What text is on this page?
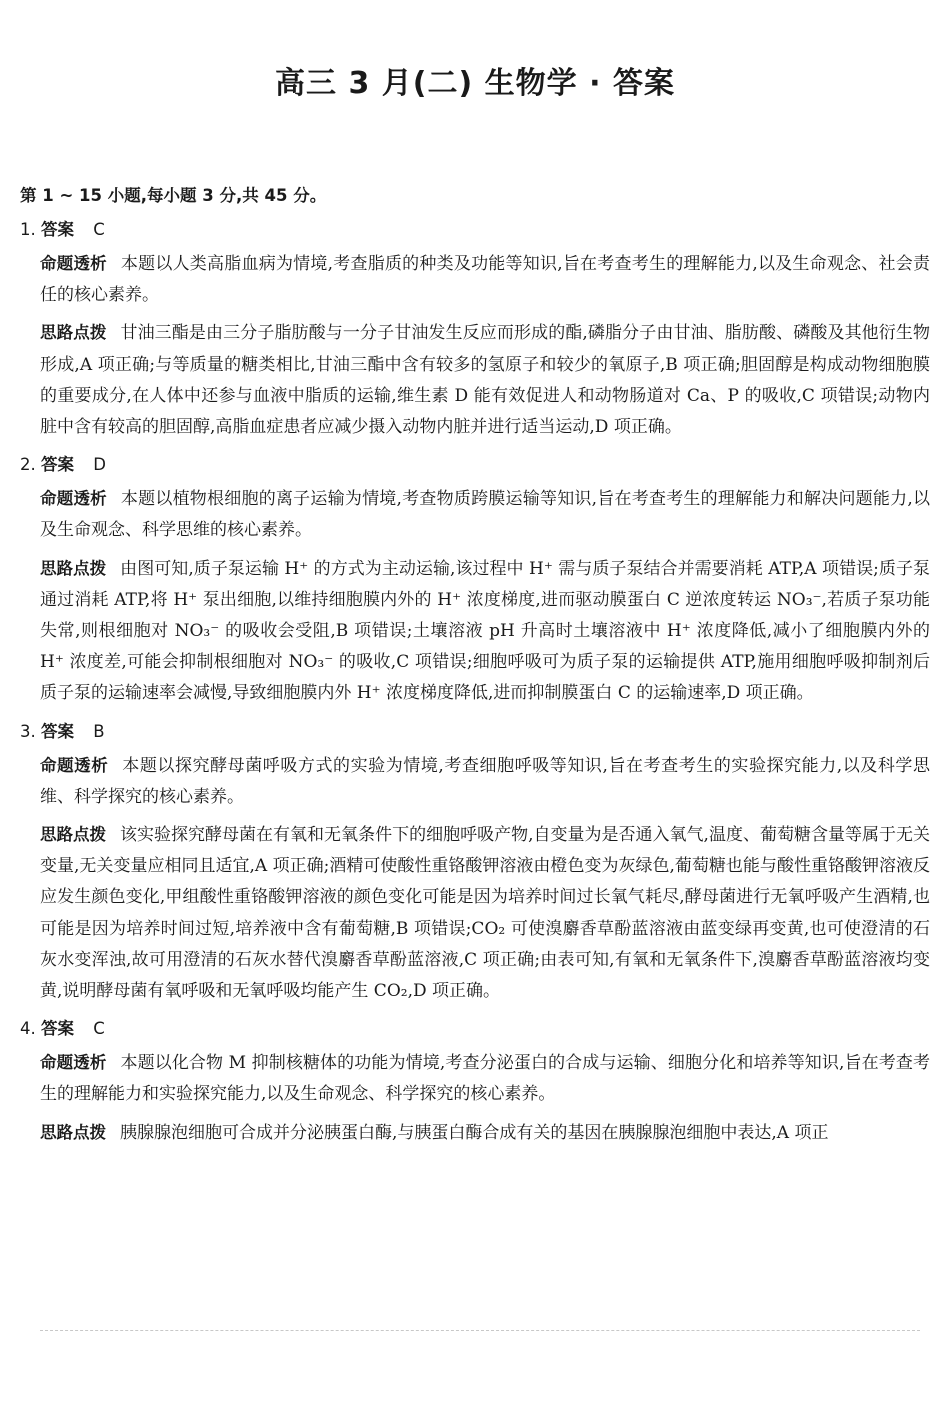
高三 3 月(二) 生物学 · 答案
第 1 ~ 15 小题,每小题 3 分,共 45 分。
1. 答案 C
命题透析 本题以人类高脂血病为情境,考查脂质的种类及功能等知识,旨在考查考生的理解能力,以及生命观念、社会责任的核心素养。
思路点拨 甘油三酯是由三分子脂肪酸与一分子甘油发生反应而形成的酯,磷脂分子由甘油、脂肪酸、磷酸及其他衍生物形成,A 项正确;与等质量的糖类相比,甘油三酯中含有较多的氢原子和较少的氧原子,B 项正确;胆固醇是构成动物细胞膜的重要成分,在人体中还参与血液中脂质的运输,维生素 D 能有效促进人和动物肠道对 Ca、P 的吸收,C 项错误;动物内脏中含有较高的胆固醇,高脂血症患者应减少摄入动物内脏并进行适当运动,D 项正确。
2. 答案 D
命题透析 本题以植物根细胞的离子运输为情境,考查物质跨膜运输等知识,旨在考查考生的理解能力和解决问题能力,以及生命观念、科学思维的核心素养。
思路点拨 由图可知,质子泵运输 H⁺ 的方式为主动运输,该过程中 H⁺ 需与质子泵结合并需要消耗 ATP,A 项错误;质子泵通过消耗 ATP,将 H⁺ 泵出细胞,以维持细胞膜内外的 H⁺ 浓度梯度,进而驱动膜蛋白 C 逆浓度转运 NO₃⁻,若质子泵功能失常,则根细胞对 NO₃⁻ 的吸收会受阻,B 项错误;土壤溶液 pH 升高时土壤溶液中 H⁺ 浓度降低,减小了细胞膜内外的 H⁺ 浓度差,可能会抑制根细胞对 NO₃⁻ 的吸收,C 项错误;细胞呼吸可为质子泵的运输提供 ATP,施用细胞呼吸抑制剂后质子泵的运输速率会减慢,导致细胞膜内外 H⁺ 浓度梯度降低,进而抑制膜蛋白 C 的运输速率,D 项正确。
3. 答案 B
命题透析 本题以探究酵母菌呼吸方式的实验为情境,考查细胞呼吸等知识,旨在考查考生的实验探究能力,以及科学思维、科学探究的核心素养。
思路点拨 该实验探究酵母菌在有氧和无氧条件下的细胞呼吸产物,自变量为是否通入氧气,温度、葡萄糖含量等属于无关变量,无关变量应相同且适宜,A 项正确;酒精可使酸性重铬酸钾溶液由橙色变为灰绿色,葡萄糖也能与酸性重铬酸钾溶液反应发生颜色变化,甲组酸性重铬酸钾溶液的颜色变化可能是因为培养时间过长氧气耗尽,酵母菌进行无氧呼吸产生酒精,也可能是因为培养时间过短,培养液中含有葡萄糖,B 项错误;CO₂ 可使溴麝香草酚蓝溶液由蓝变绿再变黄,也可使澄清的石灰水变浑浊,故可用澄清的石灰水替代溴麝香草酚蓝溶液,C 项正确;由表可知,有氧和无氧条件下,溴麝香草酚蓝溶液均变黄,说明酵母菌有氧呼吸和无氧呼吸均能产生 CO₂,D 项正确。
4. 答案 C
命题透析 本题以化合物 M 抑制核糖体的功能为情境,考查分泌蛋白的合成与运输、细胞分化和培养等知识,旨在考查考生的理解能力和实验探究能力,以及生命观念、科学探究的核心素养。
思路点拨 胰腺腺泡细胞可合成并分泌胰蛋白酶,与胰蛋白酶合成有关的基因在胰腺腺泡细胞中表达,A 项正
